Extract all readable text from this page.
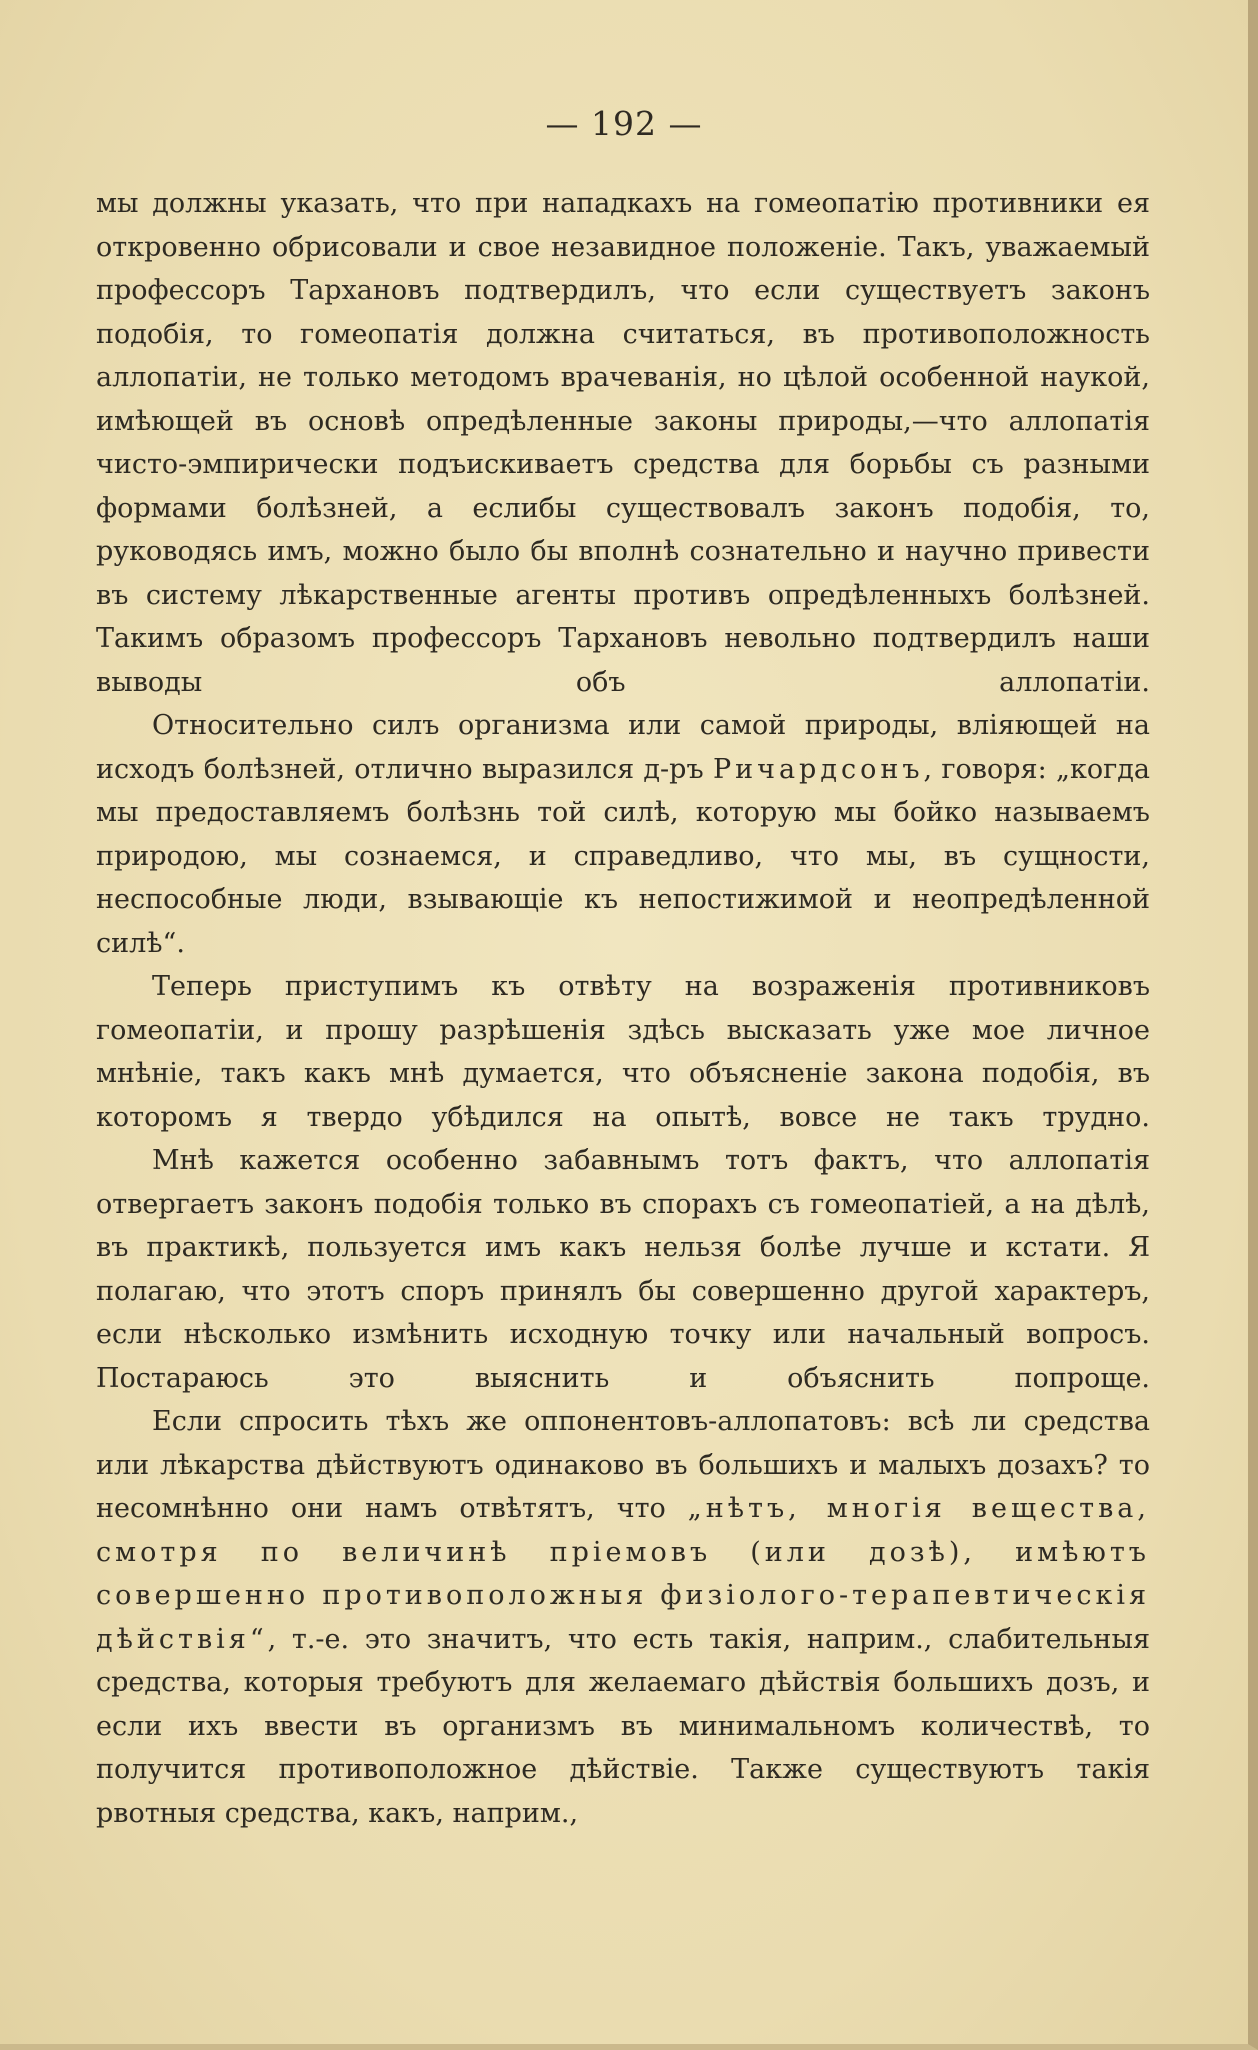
— 192 —

мы должны указать, что при нападкахъ на гомеопатію противники ея откровенно обрисовали и свое незавидное положеніе. Такъ, уважаемый профессоръ Тархановъ подтвердилъ, что если существуетъ законъ подобія, то гомеопатія должна считаться, въ противоположность аллопатіи, не только методомъ врачеванія, но цѣлой особенной наукой, имѣющей въ основѣ опредѣленные законы природы,—что аллопатія чисто-эмпирически подъискиваетъ средства для борьбы съ разными формами болѣзней, а еслибы существовалъ законъ подобія, то, руководясь имъ, можно было бы вполнѣ сознательно и научно привести въ систему лѣкарственные агенты противъ опредѣленныхъ болѣзней. Такимъ образомъ профессоръ Тархановъ невольно подтвердилъ наши выводы объ аллопатіи.

Относительно силъ организма или самой природы, вліяющей на исходъ болѣзней, отлично выразился д-ръ Ричардсонъ, говоря: „когда мы предоставляемъ болѣзнь той силѣ, которую мы бойко называемъ природою, мы сознаемся, и справедливо, что мы, въ сущности, неспособные люди, взывающіе къ непостижимой и неопредѣленной силѣ“.

Теперь приступимъ къ отвѣту на возраженія противниковъ гомеопатіи, и прошу разрѣшенія здѣсь высказать уже мое личное мнѣніе, такъ какъ мнѣ думается, что объясненіе закона подобія, въ которомъ я твердо убѣдился на опытѣ, вовсе не такъ трудно.

Мнѣ кажется особенно забавнымъ тотъ фактъ, что аллопатія отвергаетъ законъ подобія только въ спорахъ съ гомеопатіей, а на дѣлѣ, въ практикѣ, пользуется имъ какъ нельзя болѣе лучше и кстати. Я полагаю, что этотъ споръ принялъ бы совершенно другой характеръ, если нѣсколько измѣнить исходную точку или начальный вопросъ. Постараюсь это выяснить и объяснить попроще.

Если спросить тѣхъ же оппонентовъ-аллопатовъ: всѣ ли средства или лѣкарства дѣйствуютъ одинаково въ большихъ и малыхъ дозахъ? то несомнѣнно они намъ отвѣтятъ, что „нѣтъ, многія вещества, смотря по величинѣ пріемовъ (или дозѣ), имѣютъ совершенно противоположныя физіолого-терапевтическія дѣйствія“, т.-е. это значитъ, что есть такія, наприм., слабительныя средства, которыя требуютъ для желаемаго дѣйствія большихъ дозъ, и если ихъ ввести въ организмъ въ минимальномъ количествѣ, то получится противоположное дѣйствіе. Также существуютъ такія рвотныя средства, какъ, наприм.,
